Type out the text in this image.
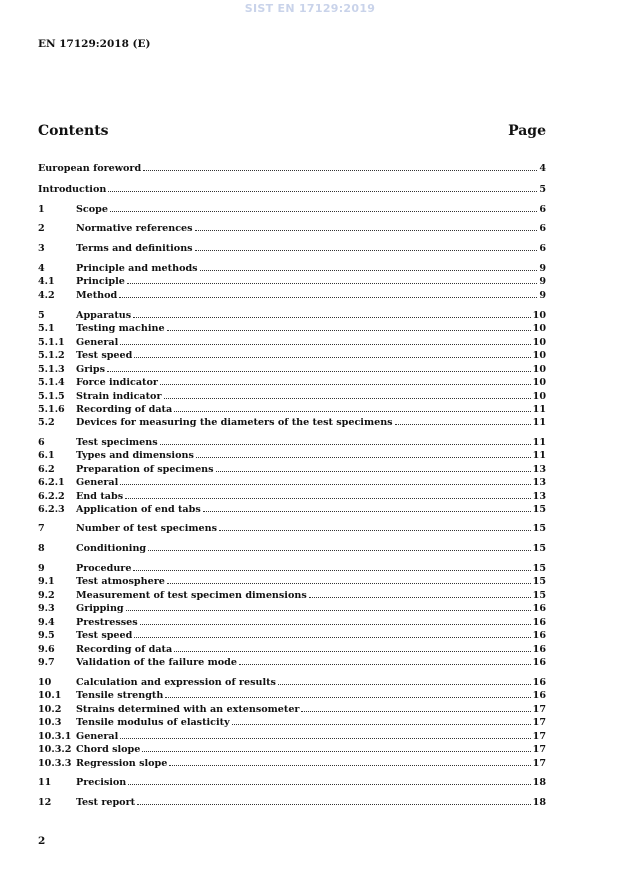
SIST EN 17129:2019
EN 17129:2018 (E)
Contents	Page
European foreword	4
Introduction	5
1	Scope	6
2	Normative references	6
3	Terms and definitions	6
4	Principle and methods	9
4.1 Principle	9
4.2 Method	9
5	Apparatus	10
5.1 Testing machine	10
5.1.1 General	10
5.1.2 Test speed	10
5.1.3 Grips	10
5.1.4 Force indicator	10
5.1.5 Strain indicator	10
5.1.6 Recording of data	11
5.2 Devices for measuring the diameters of the test specimens	11
6	Test specimens	11
6.1 Types and dimensions	11
6.2 Preparation of specimens	13
6.2.1 General	13
6.2.2 End tabs	13
6.2.3 Application of end tabs	15
7	Number of test specimens	15
8	Conditioning	15
9	Procedure	15
9.1 Test atmosphere	15
9.2 Measurement of test specimen dimensions	15
9.3 Gripping	16
9.4 Prestresses	16
9.5 Test speed	16
9.6 Recording of data	16
9.7 Validation of the failure mode	16
10	Calculation and expression of results	16
10.1 Tensile strength	16
10.2 Strains determined with an extensometer	17
10.3 Tensile modulus of elasticity	17
10.3.1 General	17
10.3.2 Chord slope	17
10.3.3 Regression slope	17
11	Precision	18
12	Test report	18
2
